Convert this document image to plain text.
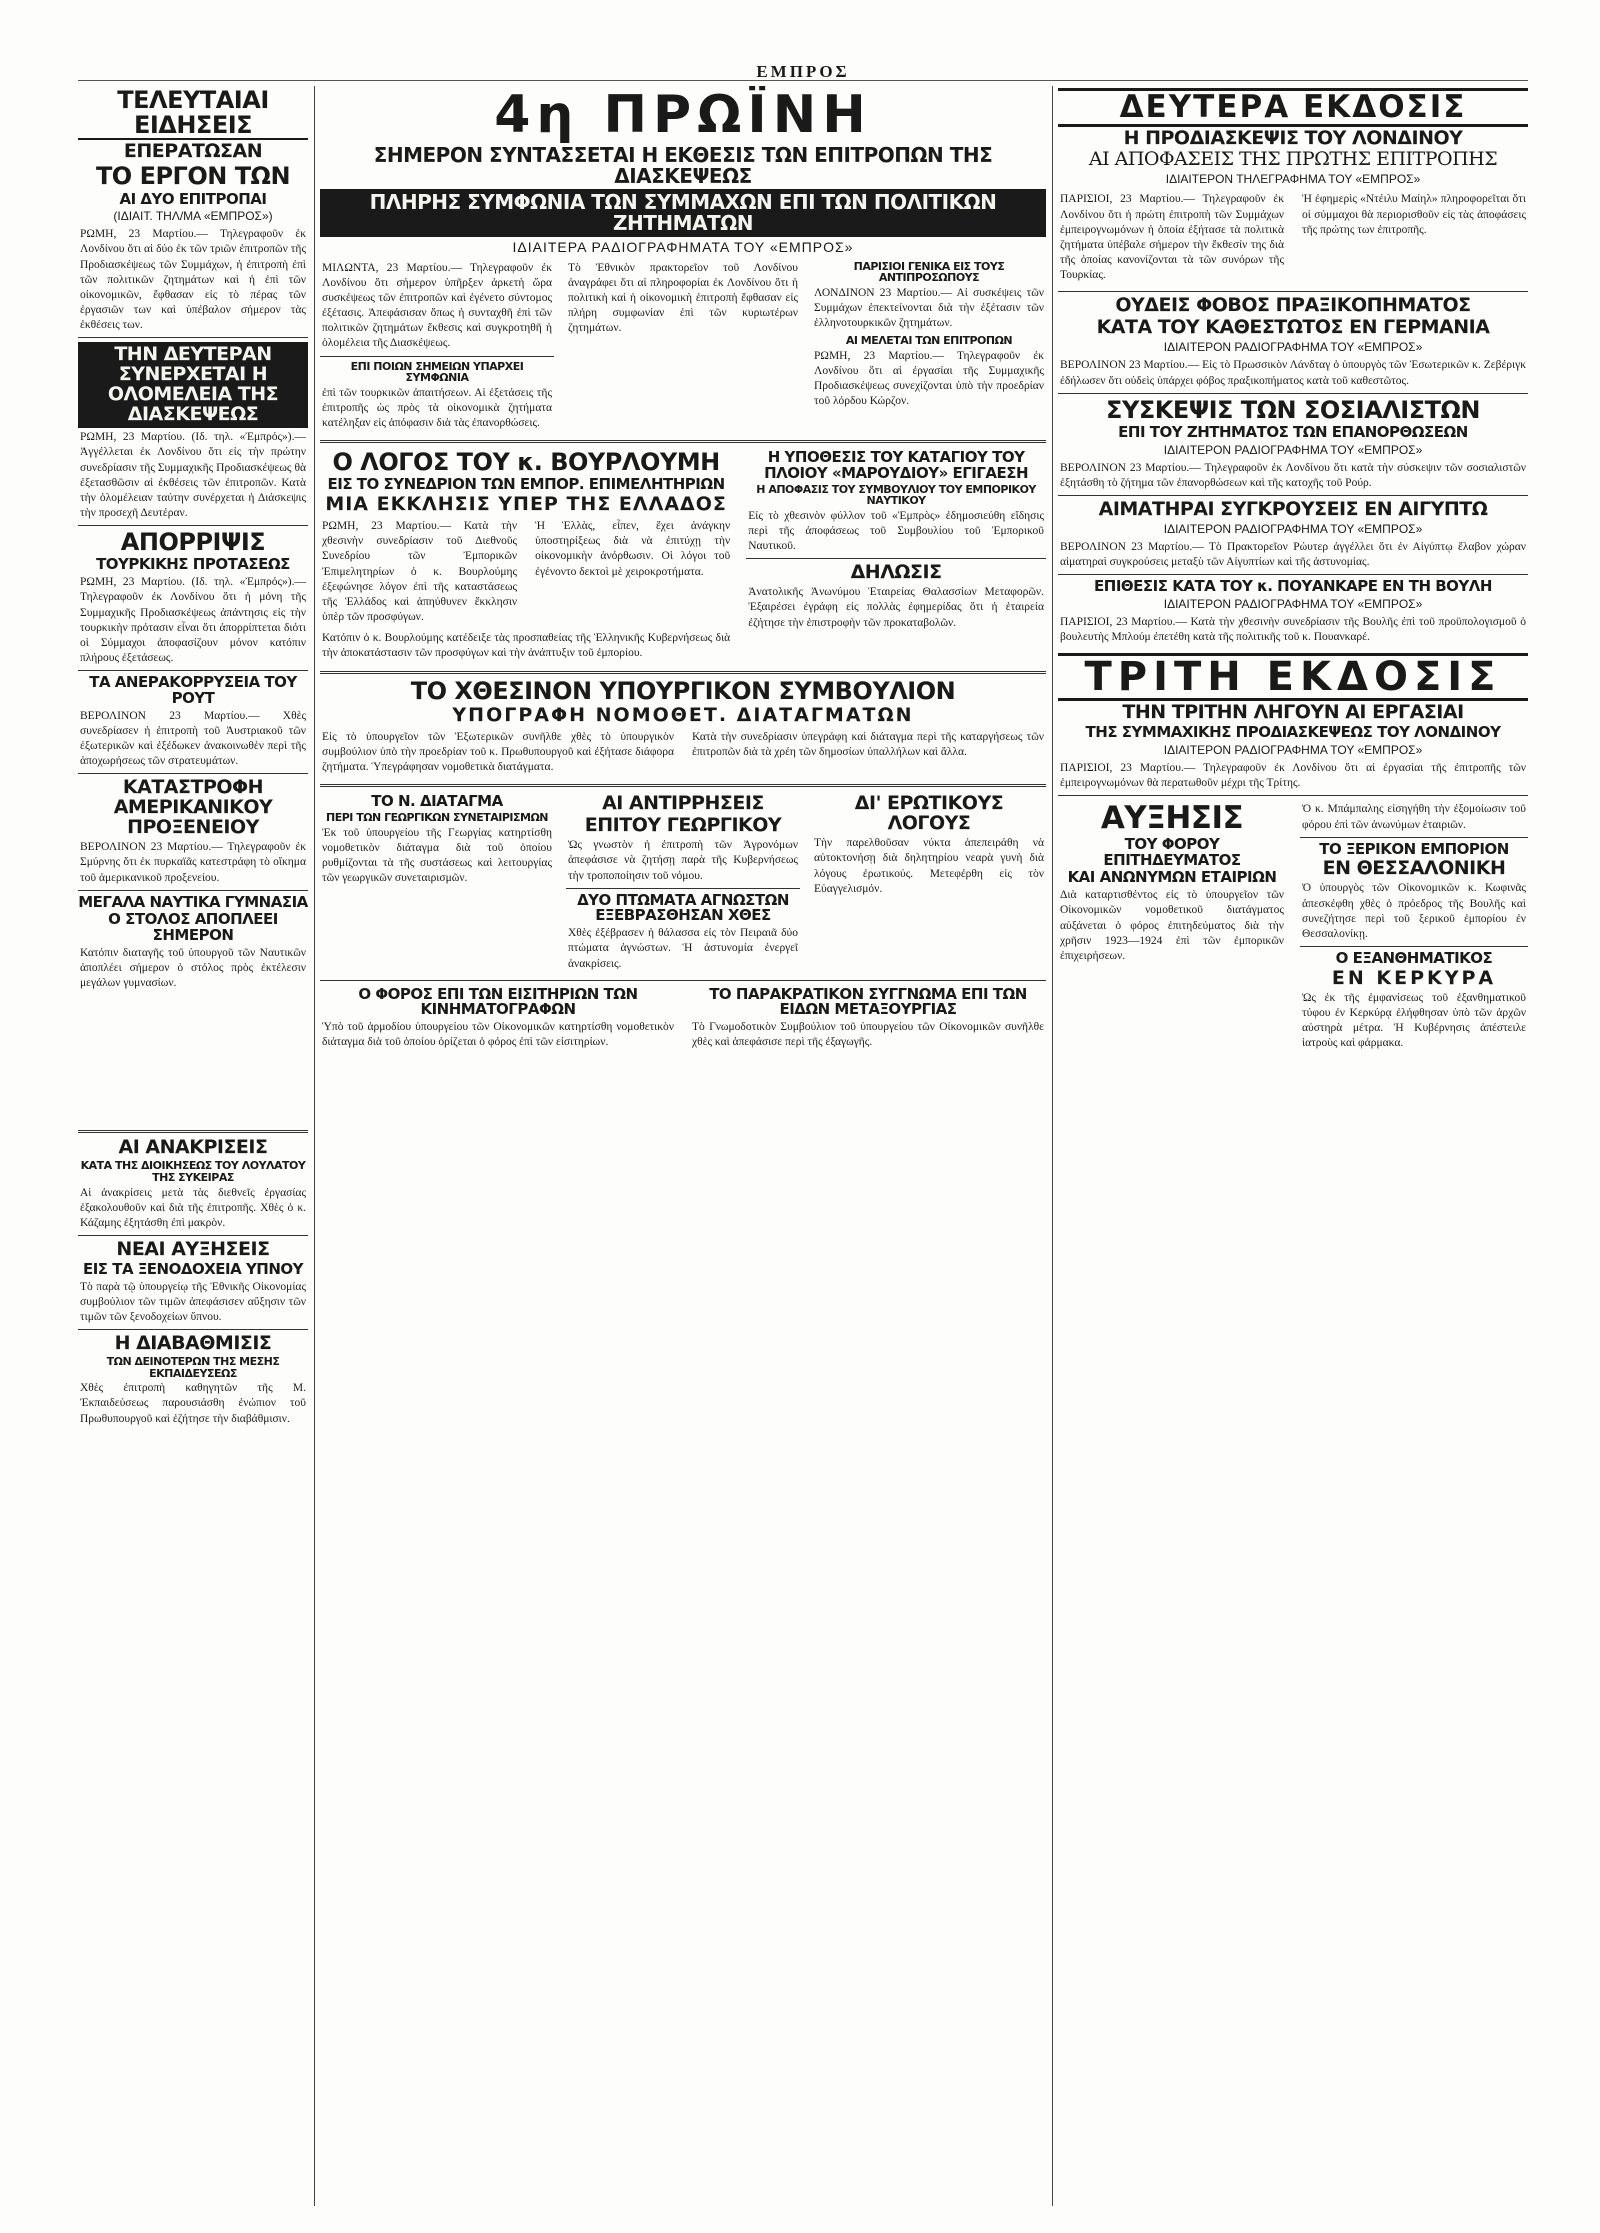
ΕΜΠΡΟΣ
ΤΕΛΕΥΤΑΙΑΙ ΕΙΔΗΣΕΙΣ
ΕΠΕΡΑΤΩΣΑΝ
ΤΟ ΕΡΓΟΝ ΤΩΝ
ΑΙ ΔΥΟ ΕΠΙΤΡΟΠΑΙ
(ΙΔΙΑΙΤ. ΤΗΛ/ΜΑ «ΕΜΠΡΟΣ»)
ΡΩΜΗ, 23 Μαρτίου.— Τηλεγραφοῦν ἐκ Λονδίνου ὅτι αἱ δύο ἐκ τῶν τριῶν ἐπιτροπῶν τῆς Προδιασκέψεως τῶν Συμμάχων, ἡ ἐπιτροπὴ ἐπὶ τῶν πολιτικῶν ζητημάτων καὶ ἡ ἐπὶ τῶν οἰκονομικῶν, ἔφθασαν εἰς τὸ πέρας τῶν ἐργασιῶν των καὶ ὑπέβαλον σήμερον τὰς ἐκθέσεις των.
ΤΗΝ ΔΕΥΤΕΡΑΝ ΣΥΝΕΡΧΕΤΑΙ Η ΟΛΟΜΕΛΕΙΑ ΤΗΣ ΔΙΑΣΚΕΨΕΩΣ
ΡΩΜΗ, 23 Μαρτίου. (Ιδ. τηλ. «Ἐμπρός»).— Ἀγγέλλεται ἐκ Λονδίνου ὅτι εἰς τὴν πρώτην συνεδρίασιν τῆς Συμμαχικῆς Προδιασκέψεως θὰ ἐξετασθῶσιν αἱ ἐκθέσεις τῶν ἐπιτροπῶν. Κατὰ τὴν ὁλομέλειαν ταύτην συνέρχεται ἡ Διάσκεψις τὴν προσεχῆ Δευτέραν.
ΑΠΟΡΡΙΨΙΣ
ΤΟΥΡΚΙΚΗΣ ΠΡΟΤΑΣΕΩΣ
ΡΩΜΗ, 23 Μαρτίου. (Ιδ. τηλ. «Ἐμπρός»).— Τηλεγραφοῦν ἐκ Λονδίνου ὅτι ἡ μόνη τῆς Συμμαχικῆς Προδιασκέψεως ἀπάντησις εἰς τὴν τουρκικὴν πρότασιν εἶναι ὅτι ἀπορρίπτεται διότι οἱ Σύμμαχοι ἀποφασίζουν μόνον κατόπιν πλήρους ἐξετάσεως.
ΤΑ ΑΝΕΡΑΚΟΡΡΥΣΕΙΑ ΤΟΥ ΡΟΥΤ
ΒΕΡΟΛΙΝΟΝ 23 Μαρτίου.— Χθὲς συνεδρίασεν ἡ ἐπιτροπὴ τοῦ Ἀυστριακοῦ τῶν ἐξωτερικῶν καὶ ἐξέδωκεν ἀνακοινωθὲν περὶ τῆς ἀποχωρήσεως τῶν στρατευμάτων.
ΚΑΤΑΣΤΡΟΦΗ ΑΜΕΡΙΚΑΝΙΚΟΥ ΠΡΟΞΕΝΕΙΟΥ
ΒΕΡΟΛΙΝΟΝ 23 Μαρτίου.— Τηλεγραφοῦν ἐκ Σμύρνης ὅτι ἐκ πυρκαϊᾶς κατεστράφη τὸ οἴκημα τοῦ ἀμερικανικοῦ προξενείου.
ΜΕΓΑΛΑ ΝΑΥΤΙΚΑ ΓΥΜΝΑΣΙΑ
Ο ΣΤΟΛΟΣ ΑΠΟΠΛΕΕΙ ΣΗΜΕΡΟΝ
Κατόπιν διαταγῆς τοῦ ὑπουργοῦ τῶν Ναυτικῶν ἀποπλέει σήμερον ὁ στόλος πρὸς ἐκτέλεσιν μεγάλων γυμνασίων.
ΑΙ ΑΝΑΚΡΙΣΕΙΣ
ΚΑΤΑ ΤΗΣ ΔΙΟΙΚΗΣΕΩΣ ΤΟΥ ΛΟΥΛΑΤΟΥ ΤΗΣ ΣΥΚΕΙΡΑΣ
Αἱ ἀνακρίσεις μετὰ τὰς διεθνεῖς ἐργασίας ἐξακολουθοῦν καὶ διὰ τῆς ἐπιτροπῆς. Χθὲς ὁ κ. Κάζαμης ἐξητάσθη ἐπὶ μακρὸν.
ΝΕΑΙ ΑΥΞΗΣΕΙΣ
ΕΙΣ ΤΑ ΞΕΝΟΔΟΧΕΙΑ ΥΠΝΟΥ
Τὸ παρὰ τῷ ὑπουργείῳ τῆς Ἐθνικῆς Οἰκονομίας συμβούλιον τῶν τιμῶν ἀπεφάσισεν αὔξησιν τῶν τιμῶν τῶν ξενοδοχείων ὕπνου.
Η ΔΙΑΒΑΘΜΙΣΙΣ
ΤΩΝ ΔΕΙΝΟΤΕΡΩΝ ΤΗΣ ΜΕΣΗΣ ΕΚΠΑΙΔΕΥΣΕΩΣ
Χθὲς ἐπιτροπὴ καθηγητῶν τῆς Μ. Ἐκπαιδεύσεως παρουσιάσθη ἐνώπιον τοῦ Πρωθυπουργοῦ καὶ ἐζήτησε τὴν διαβάθμισιν.
4η ΠΡΩΪΝΗ
ΣΗΜΕΡΟΝ ΣΥΝΤΑΣΣΕΤΑΙ Η ΕΚΘΕΣΙΣ ΤΩΝ ΕΠΙΤΡΟΠΩΝ ΤΗΣ ΔΙΑΣΚΕΨΕΩΣ
ΠΛΗΡΗΣ ΣΥΜΦΩΝΙΑ ΤΩΝ ΣΥΜΜΑΧΩΝ ΕΠΙ ΤΩΝ ΠΟΛΙΤΙΚΩΝ ΖΗΤΗΜΑΤΩΝ
ΙΔΙΑΙΤΕΡΑ ΡΑΔΙΟΓΡΑΦΗΜΑΤΑ ΤΟΥ «ΕΜΠΡΟΣ»
ΜΙΛΩΝΤΑ, 23 Μαρτίου.— Τηλεγραφοῦν ἐκ Λονδίνου ὅτι σήμερον ὑπῆρξεν ἀρκετὴ ὥρα συσκέψεως τῶν ἐπιτροπῶν καὶ ἐγένετο σύντομος ἐξέτασις. Ἀπεφάσισαν ὅπως ἡ συνταχθῆ ἐπὶ τῶν πολιτικῶν ζητημάτων ἔκθεσις καὶ συγκροτηθῆ ἡ ὁλομέλεια τῆς Διασκέψεως.
ΕΠΙ ΠΟΙΩΝ ΣΗΜΕΙΩΝ ΥΠΑΡΧΕΙ ΣΥΜΦΩΝΙΑ
ἐπὶ τῶν τουρκικῶν ἀπαιτήσεων. Αἱ ἐξετάσεις τῆς ἐπιτροπῆς ὡς πρὸς τὰ οἰκονομικὰ ζητήματα κατέληξαν εἰς ἀπόφασιν διὰ τὰς ἐπανορθώσεις.
Τὸ Ἐθνικὸν πρακτορεῖον τοῦ Λονδίνου ἀναγράφει ὅτι αἱ πληροφορίαι ἐκ Λονδίνου ὅτι ἡ πολιτικὴ καὶ ἡ οἰκονομικὴ ἐπιτροπὴ ἔφθασαν εἰς πλήρη συμφωνίαν ἐπὶ τῶν κυριωτέρων ζητημάτων.
ΠΑΡΙΣΙΟΙ ΓΕΝΙΚΑ ΕΙΣ ΤΟΥΣ ΑΝΤΙΠΡΟΣΩΠΟΥΣ
ΛΟΝΔΙΝΟΝ 23 Μαρτίου.— Αἱ συσκέψεις τῶν Συμμάχων ἐπεκτείνονται διὰ τὴν ἐξέτασιν τῶν ἑλληνοτουρκικῶν ζητημάτων.
ΑΙ ΜΕΛΕΤΑΙ ΤΩΝ ΕΠΙΤΡΟΠΩΝ
ΡΩΜΗ, 23 Μαρτίου.— Τηλεγραφοῦν ἐκ Λονδίνου ὅτι αἱ ἐργασίαι τῆς Συμμαχικῆς Προδιασκέψεως συνεχίζονται ὑπὸ τὴν προεδρίαν τοῦ λόρδου Κώρζον.
Ο ΛΟΓΟΣ ΤΟΥ κ. ΒΟΥΡΛΟΥΜΗ
ΕΙΣ ΤΟ ΣΥΝΕΔΡΙΟΝ ΤΩΝ ΕΜΠΟΡ. ΕΠΙΜΕΛΗΤΗΡΙΩΝ
ΜΙΑ ΕΚΚΛΗΣΙΣ ΥΠΕΡ ΤΗΣ ΕΛΛΑΔΟΣ
ΡΩΜΗ, 23 Μαρτίου.— Κατὰ τὴν χθεσινὴν συνεδρίασιν τοῦ Διεθνοῦς Συνεδρίου τῶν Ἐμπορικῶν Ἐπιμελητηρίων ὁ κ. Βουρλούμης ἐξεφώνησε λόγον ἐπὶ τῆς καταστάσεως τῆς Ἑλλάδος καὶ ἀπηύθυνεν ἔκκλησιν ὑπὲρ τῶν προσφύγων.
Ἡ Ἑλλὰς, εἶπεν, ἔχει ἀνάγκην ὑποστηρίξεως διὰ νὰ ἐπιτύχῃ τὴν οἰκονομικὴν ἀνόρθωσιν. Οἱ λόγοι τοῦ ἐγένοντο δεκτοὶ μὲ χειροκροτήματα.
Κατόπιν ὁ κ. Βουρλούμης κατέδειξε τὰς προσπαθείας τῆς Ἑλληνικῆς Κυβερνήσεως διὰ τὴν ἀποκατάστασιν τῶν προσφύγων καὶ τὴν ἀνάπτυξιν τοῦ ἐμπορίου.
Η ΥΠΟΘΕΣΙΣ ΤΟΥ ΚΑΤΑΓΙΟΥ ΤΟΥ ΠΛΟΙΟΥ «ΜΑΡΟΥΔΙΟΥ» ΕΓΙΓΑΕΣΗ
Η ΑΠΟΦΑΣΙΣ ΤΟΥ ΣΥΜΒΟΥΛΙΟΥ ΤΟΥ ΕΜΠΟΡΙΚΟΥ ΝΑΥΤΙΚΟΥ
Εἰς τὸ χθεσινὸν φύλλον τοῦ «Ἐμπρὸς» ἐδημοσιεύθη εἴδησις περὶ τῆς ἀποφάσεως τοῦ Συμβουλίου τοῦ Ἐμπορικοῦ Ναυτικοῦ.
ΔΗΛΩΣΙΣ
Ἀνατολικῆς Ἀνωνύμου Ἑταιρείας Θαλασσίων Μεταφορῶν. Ἐξαιρέσει ἐγράφη εἰς πολλὰς ἐφημερίδας ὅτι ἡ ἑταιρεία ἐζήτησε τὴν ἐπιστροφὴν τῶν προκαταβολῶν.
ΤΟ ΧΘΕΣΙΝΟΝ ΥΠΟΥΡΓΙΚΟΝ ΣΥΜΒΟΥΛΙΟΝ
ΥΠΟΓΡΑΦΗ ΝΟΜΟΘΕΤ. ΔΙΑΤΑΓΜΑΤΩΝ
Εἰς τὸ ὑπουργεῖον τῶν Ἐξωτερικῶν συνῆλθε χθὲς τὸ ὑπουργικὸν συμβούλιον ὑπὸ τὴν προεδρίαν τοῦ κ. Πρωθυπουργοῦ καὶ ἐξήτασε διάφορα ζητήματα. Ὑπεγράφησαν νομοθετικὰ διατάγματα.
Κατὰ τὴν συνεδρίασιν ὑπεγράφη καὶ διάταγμα περὶ τῆς καταργήσεως τῶν ἐπιτροπῶν διὰ τὰ χρέη τῶν δημοσίων ὑπαλλήλων καὶ ἄλλα.
ΤΟ Ν. ΔΙΑΤΑΓΜΑ
ΠΕΡΙ ΤΩΝ ΓΕΩΡΓΙΚΩΝ ΣΥΝΕΤΑΙΡΙΣΜΩΝ
Ἐκ τοῦ ὑπουργείου τῆς Γεωργίας κατηρτίσθη νομοθετικὸν διάταγμα διὰ τοῦ ὁποίου ρυθμίζονται τὰ τῆς συστάσεως καὶ λειτουργίας τῶν γεωργικῶν συνεταιρισμῶν.
ΑΙ ΑΝΤΙΡΡΗΣΕΙΣ
ΕΠΙΤΟΥ ΓΕΩΡΓΙΚΟΥ
Ὡς γνωστὸν ἡ ἐπιτροπὴ τῶν Ἀγρονόμων ἀπεφάσισε νὰ ζητήσῃ παρὰ τῆς Κυβερνήσεως τὴν τροποποίησιν τοῦ νόμου.
ΔΥΟ ΠΤΩΜΑΤΑ ΑΓΝΩΣΤΩΝ ΕΞΕΒΡΑΣΘΗΣΑΝ ΧΘΕΣ
Χθὲς ἐξέβρασεν ἡ θάλασσα εἰς τὸν Πειραιᾶ δύο πτώματα ἀγνώστων. Ἡ ἀστυνομία ἐνεργεῖ ἀνακρίσεις.
ΔΙ' ΕΡΩΤΙΚΟΥΣ ΛΟΓΟΥΣ
Τὴν παρελθοῦσαν νύκτα ἀπεπειράθη νὰ αὐτοκτονήσῃ διὰ δηλητηρίου νεαρὰ γυνὴ διὰ λόγους ἐρωτικούς. Μετεφέρθη εἰς τὸν Εὐαγγελισμόν.
Ο ΦΟΡΟΣ ΕΠΙ ΤΩΝ ΕΙΣΙΤΗΡΙΩΝ ΤΩΝ ΚΙΝΗΜΑΤΟΓΡΑΦΩΝ
Ὑπὸ τοῦ ἁρμοδίου ὑπουργείου τῶν Οἰκονομικῶν κατηρτίσθη νομοθετικὸν διάταγμα διὰ τοῦ ὁποίου ὁρίζεται ὁ φόρος ἐπὶ τῶν εἰσιτηρίων.
ΤΟ ΠΑΡΑΚΡΑΤΙΚΟΝ ΣΥΓΓΝΩΜΑ ΕΠΙ ΤΩΝ ΕΙΔΩΝ ΜΕΤΑΞΟΥΡΓΙΑΣ
Τὸ Γνωμοδοτικὸν Συμβούλιον τοῦ ὑπουργείου τῶν Οἰκονομικῶν συνῆλθε χθὲς καὶ ἀπεφάσισε περὶ τῆς ἐξαγωγῆς.
ΔΕΥΤΕΡΑ ΕΚΔΟΣΙΣ
Η ΠΡΟΔΙΑΣΚΕΨΙΣ ΤΟΥ ΛΟΝΔΙΝΟΥ
ΑΙ ΑΠΟΦΑΣΕΙΣ ΤΗΣ ΠΡΩΤΗΣ ΕΠΙΤΡΟΠΗΣ
ΙΔΙΑΙΤΕΡΟΝ ΤΗΛΕΓΡΑΦΗΜΑ ΤΟΥ «ΕΜΠΡΟΣ»
ΠΑΡΙΣΙΟΙ, 23 Μαρτίου.— Τηλεγραφοῦν ἐκ Λονδίνου ὅτι ἡ πρώτη ἐπιτροπὴ τῶν Συμμάχων ἐμπειρογνωμόνων ἡ ὁποία ἐξήτασε τὰ πολιτικὰ ζητήματα ὑπέβαλε σήμερον τὴν ἔκθεσίν της διὰ τῆς ὁποίας κανονίζονται τὰ τῶν συνόρων τῆς Τουρκίας.
Ἡ ἐφημερὶς «Ντέιλυ Μαίηλ» πληροφορεῖται ὅτι οἱ σύμμαχοι θὰ περιορισθοῦν εἰς τὰς ἀποφάσεις τῆς πρώτης των ἐπιτροπῆς.
ΟΥΔΕΙΣ ΦΟΒΟΣ ΠΡΑΞΙΚΟΠΗΜΑΤΟΣ
ΚΑΤΑ ΤΟΥ ΚΑΘΕΣΤΩΤΟΣ ΕΝ ΓΕΡΜΑΝΙΑ
ΙΔΙΑΙΤΕΡΟΝ ΡΑΔΙΟΓΡΑΦΗΜΑ ΤΟΥ «ΕΜΠΡΟΣ»
ΒΕΡΟΛΙΝΟΝ 23 Μαρτίου.— Εἰς τὸ Πρωσσικὸν Λάνδταγ ὁ ὑπουργὸς τῶν Ἐσωτερικῶν κ. Ζεβέριγκ ἐδήλωσεν ὅτι οὐδεὶς ὑπάρχει φόβος πραξικοπήματος κατὰ τοῦ καθεστῶτος.
ΣΥΣΚΕΨΙΣ ΤΩΝ ΣΟΣΙΑΛΙΣΤΩΝ
ΕΠΙ ΤΟΥ ΖΗΤΗΜΑΤΟΣ ΤΩΝ ΕΠΑΝΟΡΘΩΣΕΩΝ
ΙΔΙΑΙΤΕΡΟΝ ΡΑΔΙΟΓΡΑΦΗΜΑ ΤΟΥ «ΕΜΠΡΟΣ»
ΒΕΡΟΛΙΝΟΝ 23 Μαρτίου.— Τηλεγραφοῦν ἐκ Λονδίνου ὅτι κατὰ τὴν σύσκεψιν τῶν σοσιαλιστῶν ἐξητάσθη τὸ ζήτημα τῶν ἐπανορθώσεων καὶ τῆς κατοχῆς τοῦ Ρούρ.
ΑΙΜΑΤΗΡΑΙ ΣΥΓΚΡΟΥΣΕΙΣ ΕΝ ΑΙΓΥΠΤΩ
ΙΔΙΑΙΤΕΡΟΝ ΡΑΔΙΟΓΡΑΦΗΜΑ ΤΟΥ «ΕΜΠΡΟΣ»
ΒΕΡΟΛΙΝΟΝ 23 Μαρτίου.— Τὸ Πρακτορεῖον Ρώυτερ ἀγγέλλει ὅτι ἐν Αἰγύπτῳ ἔλαβον χώραν αἱματηραὶ συγκρούσεις μεταξὺ τῶν Αἰγυπτίων καὶ τῆς ἀστυνομίας.
ΕΠΙΘΕΣΙΣ ΚΑΤΑ ΤΟΥ κ. ΠΟΥΑΝΚΑΡΕ ΕΝ ΤΗ ΒΟΥΛΗ
ΙΔΙΑΙΤΕΡΟΝ ΡΑΔΙΟΓΡΑΦΗΜΑ ΤΟΥ «ΕΜΠΡΟΣ»
ΠΑΡΙΣΙΟΙ, 23 Μαρτίου.— Κατὰ τὴν χθεσινὴν συνεδρίασιν τῆς Βουλῆς ἐπὶ τοῦ προϋπολογισμοῦ ὁ βουλευτὴς Μπλούμ ἐπετέθη κατὰ τῆς πολιτικῆς τοῦ κ. Πουανκαρέ.
ΤΡΙΤΗ ΕΚΔΟΣΙΣ
ΤΗΝ ΤΡΙΤΗΝ ΛΗΓΟΥΝ ΑΙ ΕΡΓΑΣΙΑΙ
ΤΗΣ ΣΥΜΜΑΧΙΚΗΣ ΠΡΟΔΙΑΣΚΕΨΕΩΣ ΤΟΥ ΛΟΝΔΙΝΟΥ
ΙΔΙΑΙΤΕΡΟΝ ΡΑΔΙΟΓΡΑΦΗΜΑ ΤΟΥ «ΕΜΠΡΟΣ»
ΠΑΡΙΣΙΟΙ, 23 Μαρτίου.— Τηλεγραφοῦν ἐκ Λονδίνου ὅτι αἱ ἐργασίαι τῆς ἐπιτροπῆς τῶν ἐμπειρογνωμόνων θὰ περατωθοῦν μέχρι τῆς Τρίτης.
ΑΥΞΗΣΙΣ
ΤΟΥ ΦΟΡΟΥ ΕΠΙΤΗΔΕΥΜΑΤΟΣ
ΚΑΙ ΑΝΩΝΥΜΩΝ ΕΤΑΙΡΙΩΝ
Διὰ καταρτισθέντος εἰς τὸ ὑπουργεῖον τῶν Οἰκονομικῶν νομοθετικοῦ διατάγματος αὐξάνεται ὁ φόρος ἐπιτηδεύματος διὰ τὴν χρῆσιν 1923—1924 ἐπὶ τῶν ἐμπορικῶν ἐπιχειρήσεων.
Ὁ κ. Μπάμπαλης εἰσηγήθη τὴν ἐξομοίωσιν τοῦ φόρου ἐπὶ τῶν ἀνωνύμων ἑταιριῶν.
ΤΟ ΞΕΡΙΚΟΝ ΕΜΠΟΡΙΟΝ
ΕΝ ΘΕΣΣΑΛΟΝΙΚΗ
Ὁ ὑπουργὸς τῶν Οἰκονομικῶν κ. Κωφινᾶς ἀπεσκέφθη χθὲς ὁ πρόεδρος τῆς Βουλῆς καὶ συνεζήτησε περὶ τοῦ ξερικοῦ ἐμπορίου ἐν Θεσσαλονίκῃ.
Ο ΕΞΑΝΘΗΜΑΤΙΚΟΣ
ΕΝ ΚΕΡΚΥΡΑ
Ὡς ἐκ τῆς ἐμφανίσεως τοῦ ἐξανθηματικοῦ τύφου ἐν Κερκύρᾳ ἐλήφθησαν ὑπὸ τῶν ἀρχῶν αὐστηρὰ μέτρα. Ἡ Κυβέρνησις ἀπέστειλε ἰατροὺς καὶ φάρμακα.
